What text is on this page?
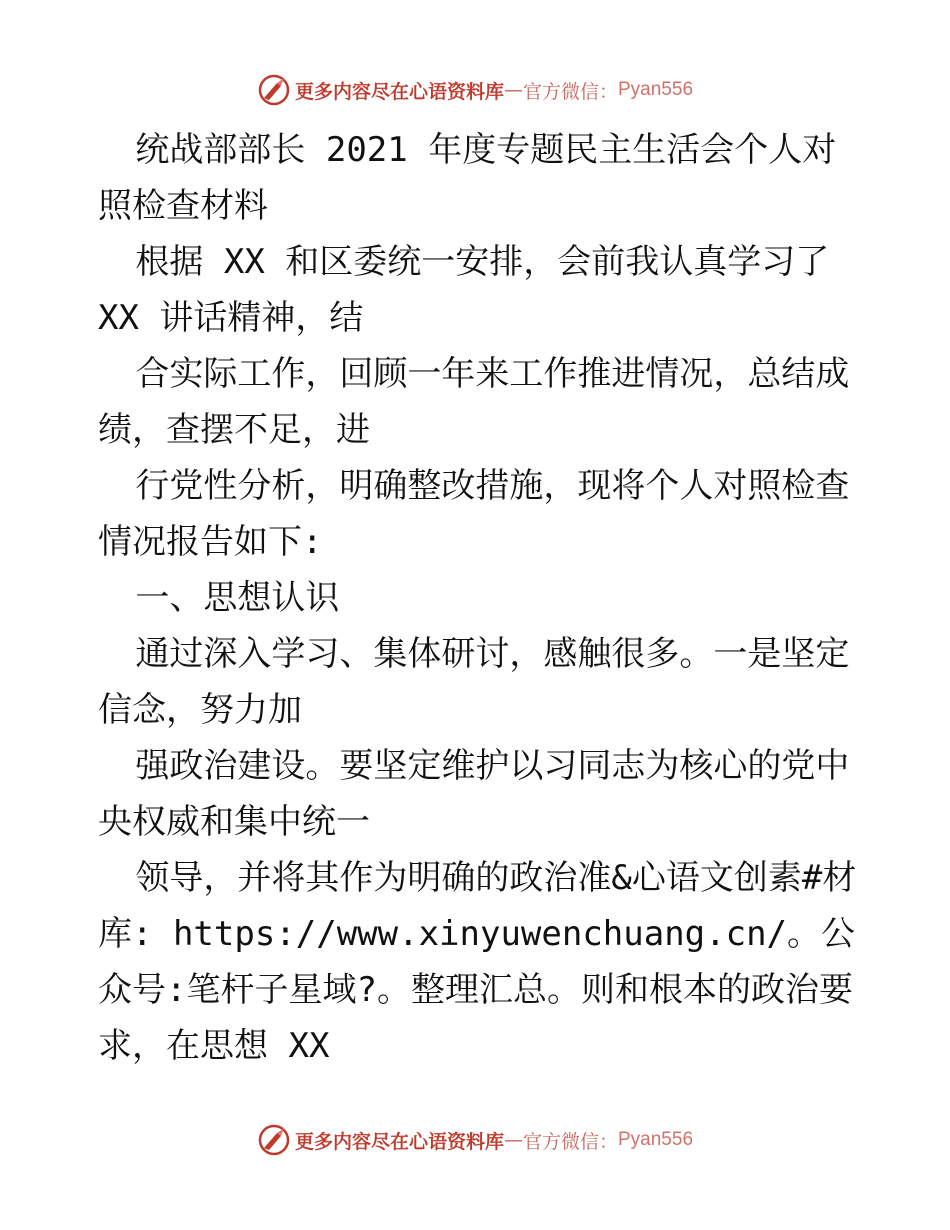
更多内容尽在心语资料库 — 官方微信： Pyan556

统战部部长 2021 年度专题民主生活会个人对照检查材料

根据 XX 和区委统一安排，会前我认真学习了 XX 讲话精神，结

合实际工作，回顾一年来工作推进情况，总结成绩，查摆不足，进

行党性分析，明确整改措施，现将个人对照检查情况报告如下:

一、思想认识

通过深入学习、集体研讨，感触很多。一是坚定信念，努力加

强政治建设。要坚定维护以习同志为核心的党中央权威和集中统一

领导，并将其作为明确的政治准&心语文创素#材库: https://www.xinyuwenchuang.cn/。公众号:笔杆子星域?。整理汇总。则和根本的政治要求，在思想 XX

更多内容尽在心语资料库 — 官方微信： Pyan556
